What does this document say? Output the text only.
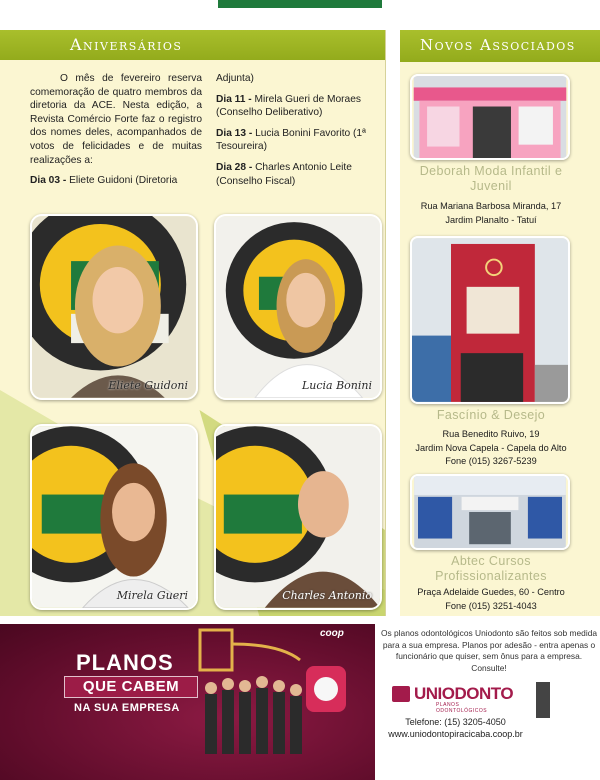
Aniversários

O mês de fevereiro reserva comemoração de quatro membros da diretoria da ACE. Nesta edição, a Revista Comércio Forte faz o registro dos nomes deles, acompanhados de votos de felicidades e de muitas realizações a:

Dia 03 - Eliete Guidoni (Diretoria

Adjunta)

Dia 11 - Mirela Gueri de Moraes (Conselho Deliberativo)

Dia 13 - Lucia Bonini Favorito (1ª Tesoureira)

Dia 28 - Charles Antonio Leite (Conselho Fiscal)

Eliete Guidoni	Lucia Bonini
Mirela Gueri	Charles Antonio
Novos Associados
Deborah Moda Infantil e Juvenil
Rua Mariana Barbosa Miranda, 17
Jardim Planalto - Tatuí
Fascínio & Desejo
Rua Benedito Ruivo, 19
Jardim Nova Capela - Capela do Alto
Fone (015) 3267-5239
Abtec Cursos Profissionalizantes
Praça Adelaide Guedes, 60 - Centro
Fone (015) 3251-4043
coop
PLANOS
QUE CABEM
NA SUA EMPRESA
Os planos odontológicos Uniodonto são feitos sob medida para a sua empresa. Planos por adesão - entra apenas o funcionário que quiser, sem ônus para a empresa. Consulte!
UNIODONTO
PLANOS ODONTOLÓGICOS
Telefone: (15) 3205-4050
www.uniodontopiracicaba.coop.br
